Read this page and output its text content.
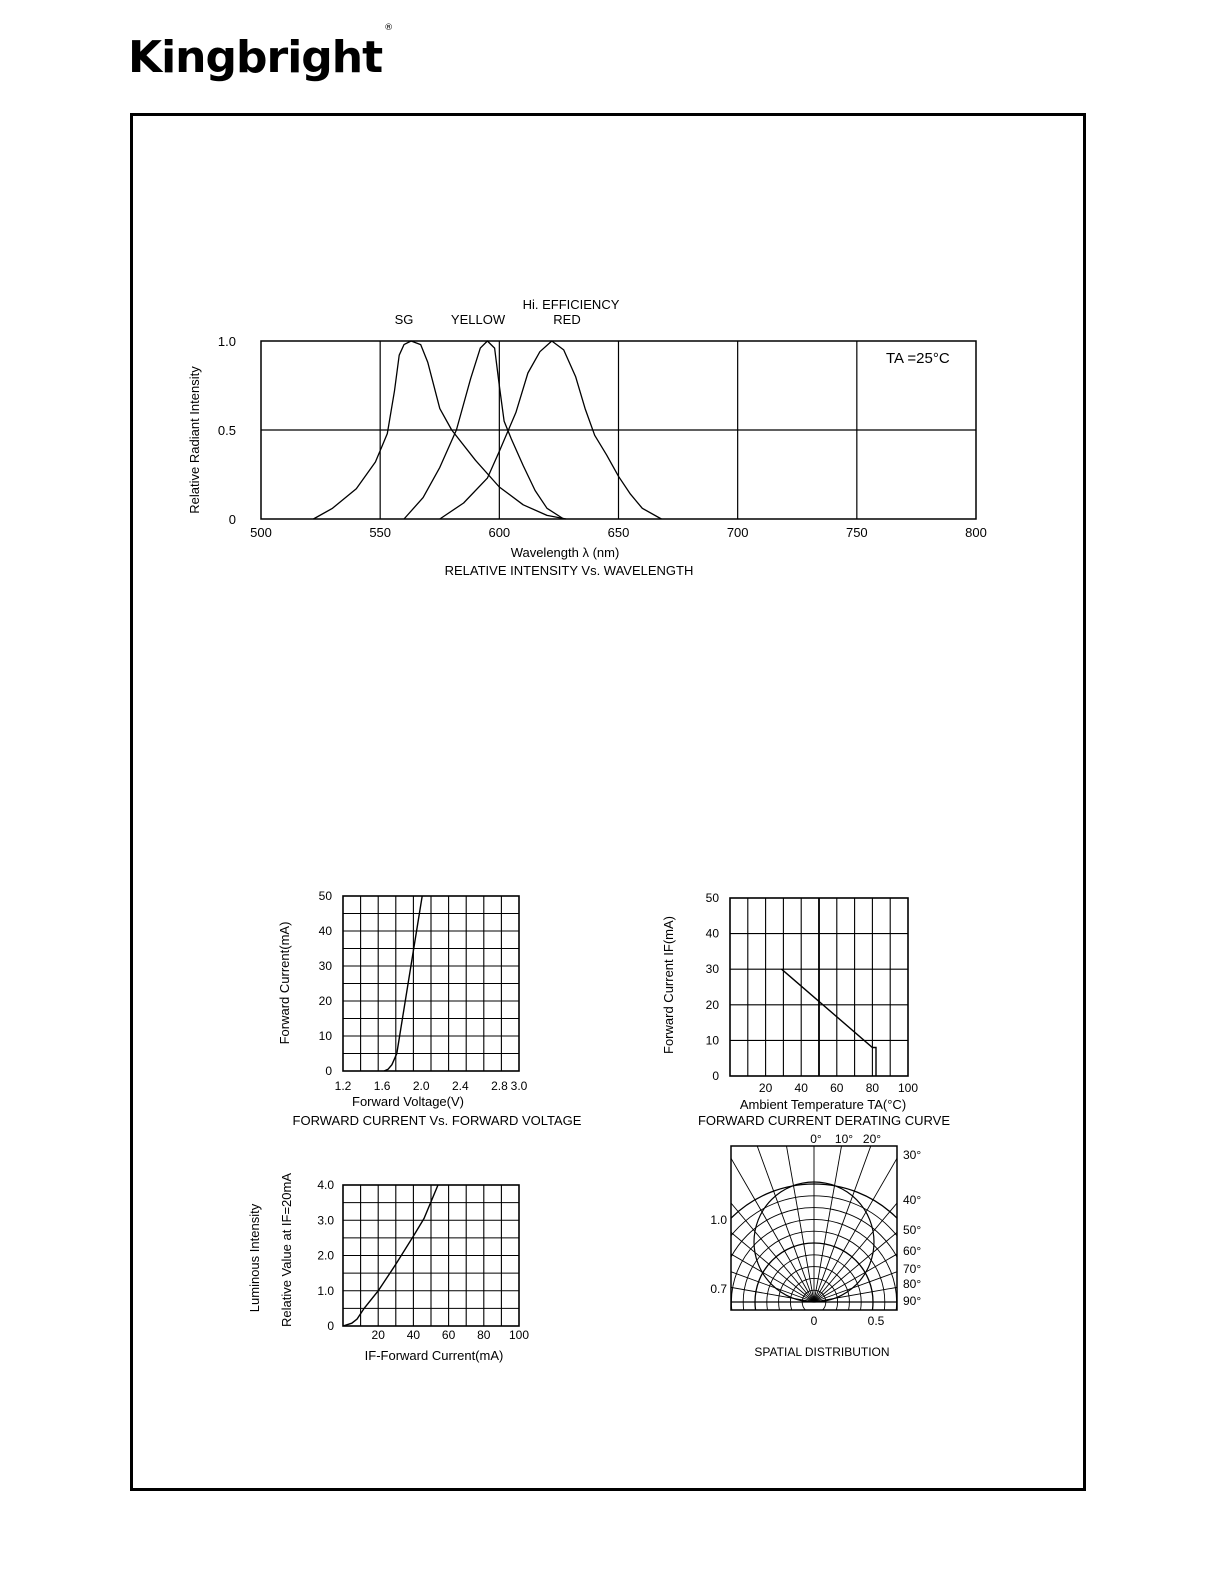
Kingbright®
500	550	600	650	700	750	800
0
0.5
1.0
SG	YELLOW
Hi. EFFICIENCY
RED
TA =25°C
Relative Radiant Intensity
Wavelength λ (nm)
RELATIVE INTENSITY Vs. WAVELENGTH
1.2 1.6 2.0 2.4 2.8 3.0
0
10
20
30
40
50
Forward Current(mA)
Forward Voltage(V)
FORWARD CURRENT Vs. FORWARD VOLTAGE
20 40 60 80 100
0
10
20
30
40
50
Forward Current IF(mA)
Ambient Temperature TA(°C)
FORWARD CURRENT DERATING CURVE
20 40 60 80 100
0
1.0
2.0
3.0
4.0
Luminous Intensity Relative Value at IF=20mA
IF-Forward Current(mA)
0° 10° 20°
30°
40°
50°
60°
70°
80°
90°
1.0
0.7
0	0.5
SPATIAL DISTRIBUTION
